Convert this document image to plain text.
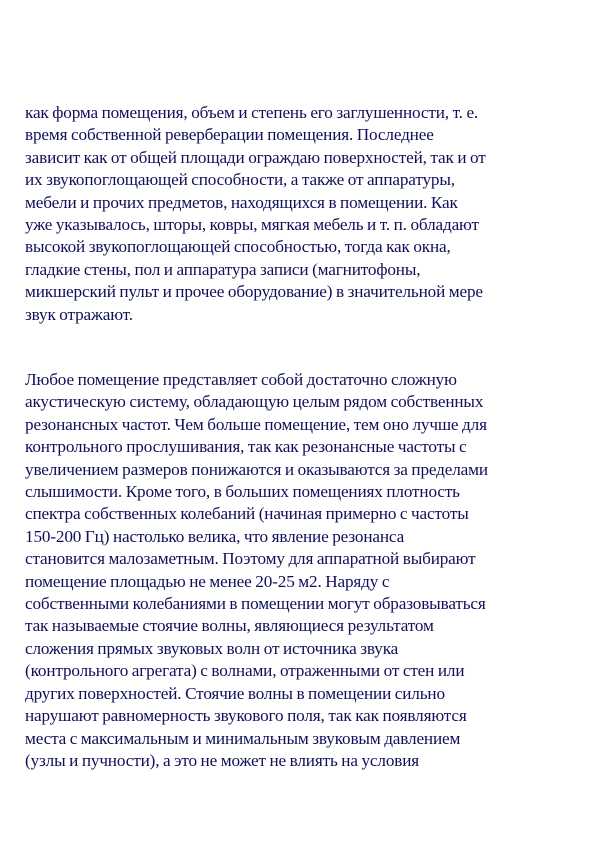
как форма помещения, объем и степень его заглушенности, т. е.
время собственной реверберации помещения. Последнее
зависит как от общей площади ограждаю поверхностей, так и от
их звукопоглощающей способности, а также от аппаратуры,
мебели и прочих предметов, находящихся в помещении. Как
уже указывалось, шторы, ковры, мягкая мебель и т. п. обладают
высокой звукопоглощающей способностью, тогда как окна,
гладкие стены, пол и аппаратура записи (магнитофоны,
микшерский пульт и прочее оборудование) в значительной мере
звук отражают.

Любое помещение представляет собой достаточно сложную
акустическую систему, обладающую целым рядом собственных
резонансных частот. Чем больше помещение, тем оно лучше для
контрольного прослушивания, так как резонансные частоты с
увеличением размеров понижаются и оказываются за пределами
слышимости. Кроме того, в больших помещениях плотность
спектра собственных колебаний (начиная примерно с частоты
150-200 Гц) настолько велика, что явление резонанса
становится малозаметным. Поэтому для аппаратной выбирают
помещение площадью не менее 20-25 м2. Наряду с
собственными колебаниями в помещении могут образовываться
так называемые стоячие волны, являющиеся результатом
сложения прямых звуковых волн от источника звука
(контрольного агрегата) с волнами, отраженными от стен или
других поверхностей. Стоячие волны в помещении сильно
нарушают равномерность звукового поля, так как появляются
места с максимальным и минимальным звуковым давлением
(узлы и пучности), а это не может не влиять на условия
